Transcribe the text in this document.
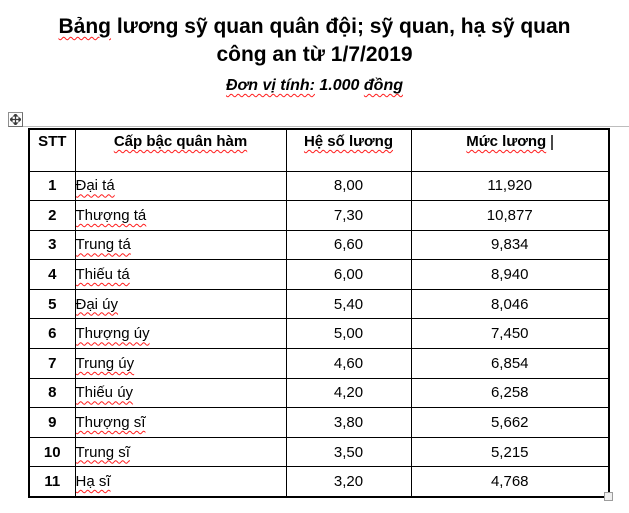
Bảng lương sỹ quan quân đội; sỹ quan, hạ sỹ quan
công an từ 1/7/2019
Đơn vị tính: 1.000 đồng
STT	Cấp bậc quân hàm	Hệ số lương	Mức lương
1	Đại tá	8,00	11,920
2	Thượng tá	7,30	10,877
3	Trung tá	6,60	9,834
4	Thiếu tá	6,00	8,940
5	Đại úy	5,40	8,046
6	Thượng úy	5,00	7,450
7	Trung úy	4,60	6,854
8	Thiếu úy	4,20	6,258
9	Thượng sĩ	3,80	5,662
10	Trung sĩ	3,50	5,215
11	Hạ sĩ	3,20	4,768
